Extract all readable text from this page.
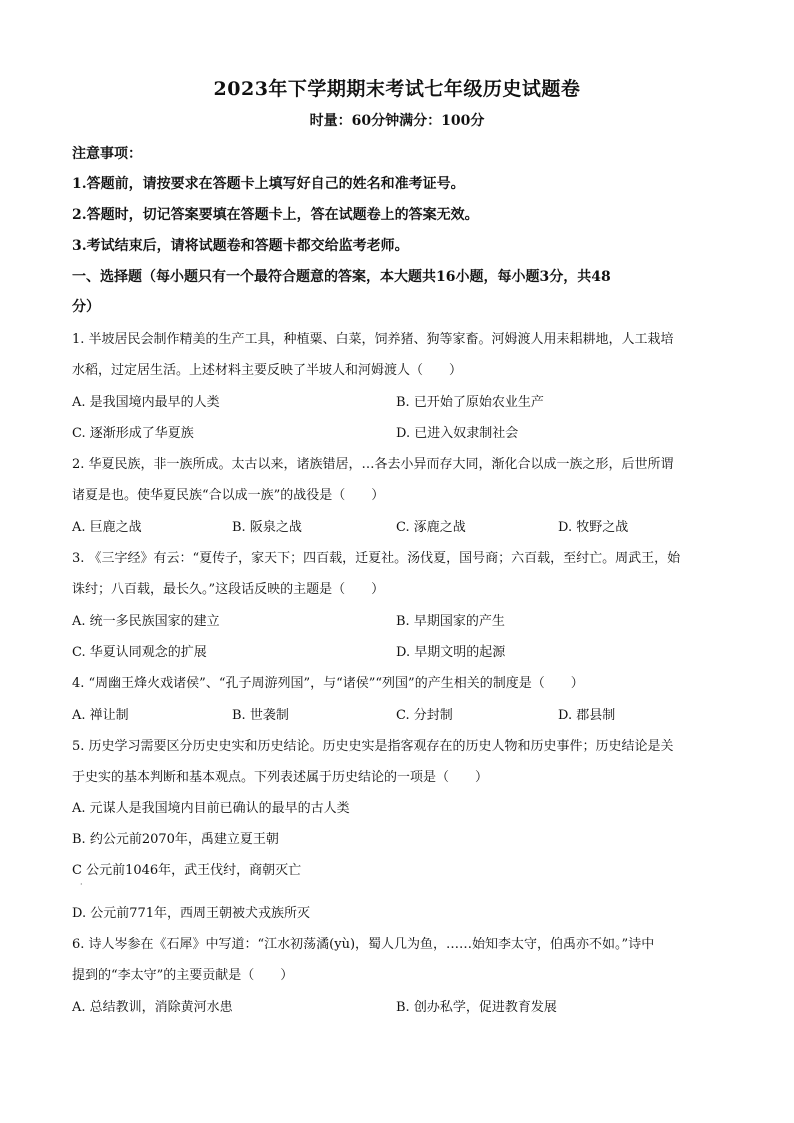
2023年下学期期末考试七年级历史试题卷
时量：60分钟满分：100分
注意事项：
1.答题前，请按要求在答题卡上填写好自己的姓名和准考证号。
2.答题时，切记答案要填在答题卡上，答在试题卷上的答案无效。
3.考试结束后，请将试题卷和答题卡都交给监考老师。
一、选择题（每小题只有一个最符合题意的答案，本大题共16小题，每小题3分，共48
分）
1. 半坡居民会制作精美的生产工具，种植粟、白菜，饲养猪、狗等家畜。河姆渡人用耒耜耕地，人工栽培
水稻，过定居生活。上述材料主要反映了半坡人和河姆渡人（　　）
A. 是我国境内最早的人类	B. 已开始了原始农业生产
C. 逐渐形成了华夏族	D. 已进入奴隶制社会
2. 华夏民族，非一族所成。太古以来，诸族错居，…各去小异而存大同，渐化合以成一族之形，后世所谓
诸夏是也。使华夏民族“合以成一族”的战役是（　　）
A. 巨鹿之战	B. 阪泉之战	C. 涿鹿之战	D. 牧野之战
3. 《三字经》有云：“夏传子，家天下；四百载，迁夏社。汤伐夏，国号商；六百载，至纣亡。周武王，始
诛纣；八百载，最长久。”这段话反映的主题是（　　）
A. 统一多民族国家的建立	B. 早期国家的产生
C. 华夏认同观念的扩展	D. 早期文明的起源
4. “周幽王烽火戏诸侯”、“孔子周游列国”，与“诸侯”“列国”的产生相关的制度是（　　）
A. 禅让制	B. 世袭制	C. 分封制	D. 郡县制
5. 历史学习需要区分历史史实和历史结论。历史史实是指客观存在的历史人物和历史事件；历史结论是关
于史实的基本判断和基本观点。下列表述属于历史结论的一项是（　　）
A. 元谋人是我国境内目前已确认的最早的古人类
B. 约公元前2070年，禹建立夏王朝
C 公元前1046年，武王伐纣，商朝灭亡
·
D. 公元前771年，西周王朝被犬戎族所灭
6. 诗人岑参在《石犀》中写道：“江水初荡潏(yù)，蜀人几为鱼，……始知李太守，伯禹亦不如。”诗中
提到的“李太守”的主要贡献是（　　）
A. 总结教训，消除黄河水患	B. 创办私学，促进教育发展
